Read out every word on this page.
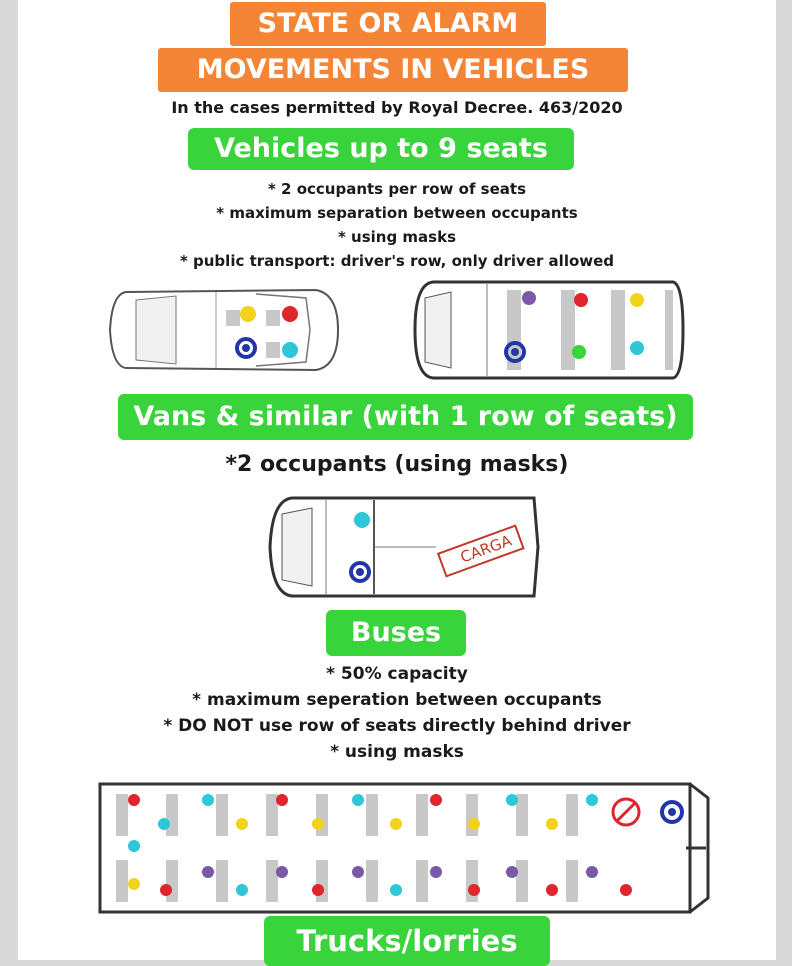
STATE OR ALARM
MOVEMENTS IN VEHICLES
In the cases permitted by Royal Decree. 463/2020
Vehicles up to 9 seats
* 2 occupants per row of seats
* maximum separation between occupants
* using masks
* public transport: driver's row, only driver allowed
Vans & similar (with 1 row of seats)
*2 occupants (using masks)
CARGA
Buses
* 50% capacity
* maximum seperation between occupants
* DO NOT use row of seats directly behind driver
* using masks
Trucks/lorries
